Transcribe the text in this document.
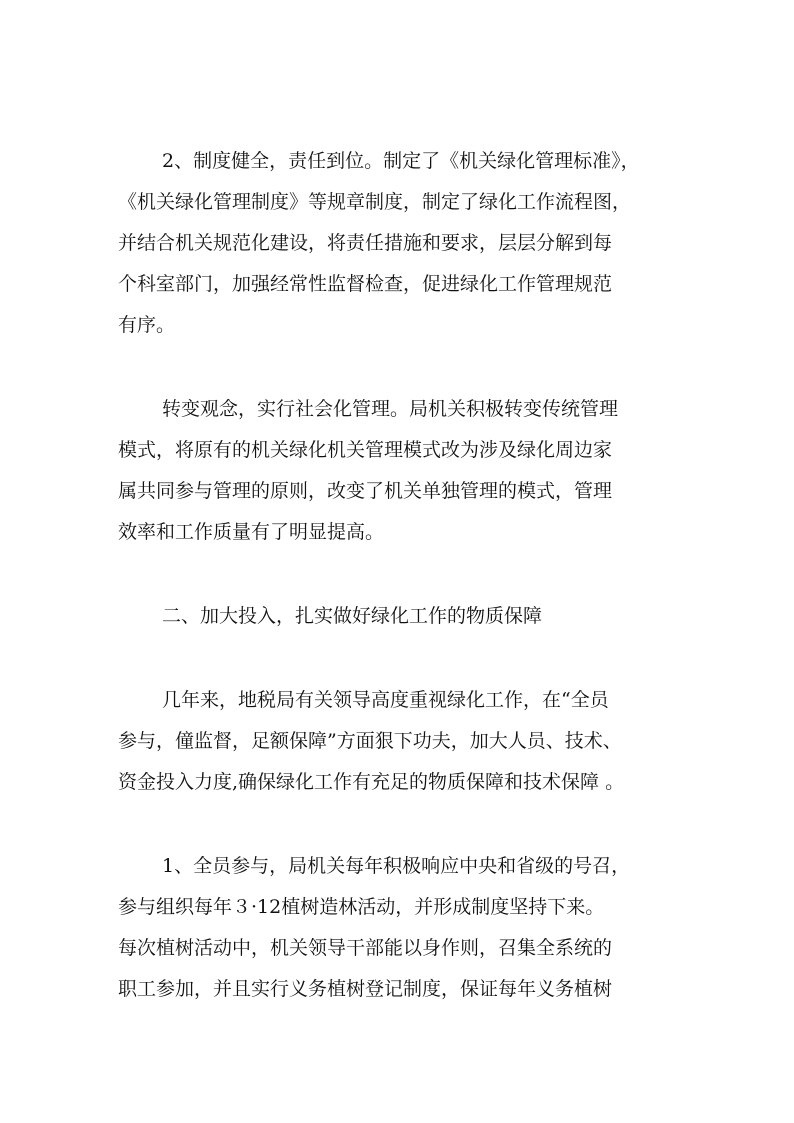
2、制度健全，责任到位。制定了《机关绿化管理标准》，
《机关绿化管理制度》等规章制度，制定了绿化工作流程图，
并结合机关规范化建设，将责任措施和要求，层层分解到每
个科室部门，加强经常性监督检查，促进绿化工作管理规范
有序。
转变观念，实行社会化管理。局机关积极转变传统管理
模式，将原有的机关绿化机关管理模式改为涉及绿化周边家
属共同参与管理的原则，改变了机关单独管理的模式，管理
效率和工作质量有了明显提高。
二、加大投入，扎实做好绿化工作的物质保障
几年来，地税局有关领导高度重视绿化工作，在“全员
参与，僮监督，足额保障”方面狠下功夫，加大人员、技术、
资金投入力度,确保绿化工作有充足的物质保障和技术保障 。
1、全员参与，局机关每年积极响应中央和省级的号召，
参与组织每年３·12植树造林活动，并形成制度坚持下来。
每次植树活动中，机关领导干部能以身作则，召集全系统的
职工参加，并且实行义务植树登记制度，保证每年义务植树
